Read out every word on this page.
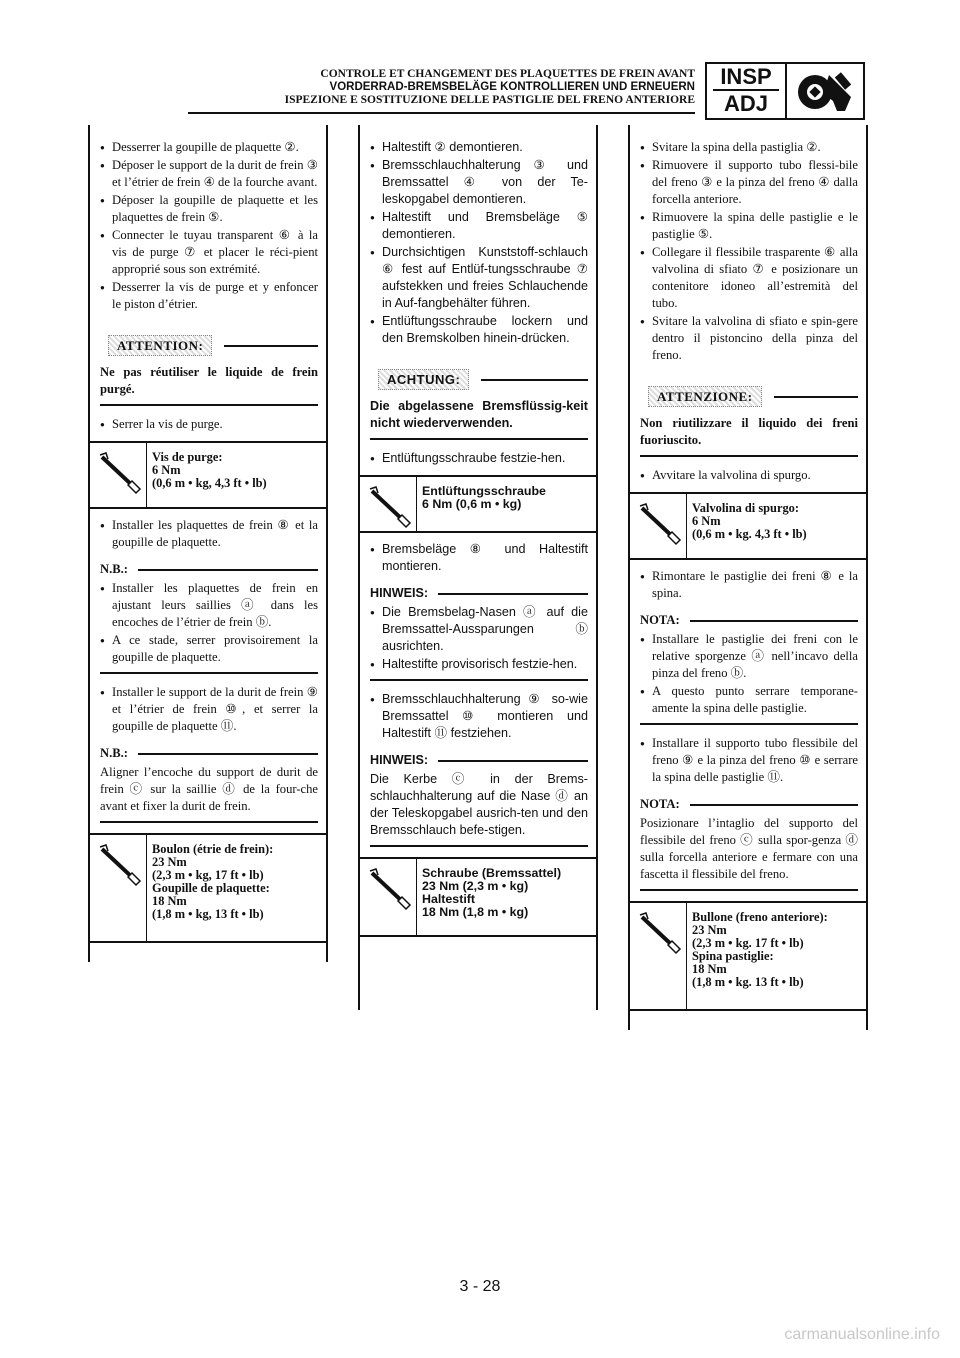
CONTROLE ET CHANGEMENT DES PLAQUETTES DE FREIN AVANT
VORDERRAD-BREMSBELÄGE KONTROLLIEREN UND ERNEUERN
ISPEZIONE E SOSTITUZIONE DELLE PASTIGLIE DEL FRENO ANTERIORE
INSP
ADJ
● Desserrer la goupille de plaquette ②.
● Déposer le support de la durit de frein ③ et l’étrier de frein ④ de la fourche avant.
● Déposer la goupille de plaquette et les plaquettes de frein ⑤.
● Connecter le tuyau transparent ⑥ à la vis de purge ⑦ et placer le réci-pient approprié sous son extrémité.
● Desserrer la vis de purge et y enfoncer le piston d’étrier.
ATTENTION:
Ne pas réutiliser le liquide de frein purgé.
● Serrer la vis de purge.
Vis de purge:
6 Nm
(0,6 m • kg, 4,3 ft • lb)
● Installer les plaquettes de frein ⑧ et la goupille de plaquette.
N.B.:
● Installer les plaquettes de frein en ajustant leurs saillies ⓐ dans les encoches de l’étrier de frein ⓑ.
● A ce stade, serrer provisoirement la goupille de plaquette.
● Installer le support de la durit de frein ⑨ et l’étrier de frein ⑩, et serrer la goupille de plaquette ⑪.
N.B.:
Aligner l’encoche du support de durit de frein ⓒ sur la saillie ⓓ de la four-che avant et fixer la durit de frein.
Boulon (étrie de frein):
23 Nm
(2,3 m • kg, 17 ft • lb)
Goupille de plaquette:
18 Nm
(1,8 m • kg, 13 ft • lb)
● Haltestift ② demontieren.
● Bremsschlauchhalterung ③ und Bremssattel ④ von der Te-leskopgabel demontieren.
● Haltestift und Bremsbeläge ⑤ demontieren.
● Durchsichtigen Kunststoff-schlauch ⑥ fest auf Entlüf-tungsschraube ⑦ aufstekken und freies Schlauchende in Auf-fangbehälter führen.
● Entlüftungsschraube lockern und den Bremskolben hinein-drücken.
ACHTUNG:
Die abgelassene Bremsflüssig-keit nicht wiederverwenden.
● Entlüftungsschraube festzie-hen.
Entlüftungsschraube
6 Nm (0,6 m • kg)
● Bremsbeläge ⑧ und Haltestift montieren.
HINWEIS:
● Die Bremsbelag-Nasen ⓐ auf die Bremssattel-Aussparungen ⓑ ausrichten.
● Haltestifte provisorisch festzie-hen.
● Bremsschlauchhalterung ⑨ so-wie Bremssattel ⑩ montieren und Haltestift ⑪ festziehen.
HINWEIS:
Die Kerbe ⓒ in der Brems-schlauchhalterung auf die Nase ⓓ an der Teleskopgabel ausrich-ten und den Bremsschlauch befe-stigen.
Schraube (Bremssattel)
23 Nm (2,3 m • kg)
Haltestift
18 Nm (1,8 m • kg)
● Svitare la spina della pastiglia ②.
● Rimuovere il supporto tubo flessi-bile del freno ③ e la pinza del freno ④ dalla forcella anteriore.
● Rimuovere la spina delle pastiglie e le pastiglie ⑤.
● Collegare il flessibile trasparente ⑥ alla valvolina di sfiato ⑦ e posizionare un contenitore idoneo all’estremità del tubo.
● Svitare la valvolina di sfiato e spin-gere dentro il pistoncino della pinza del freno.
ATTENZIONE:
Non riutilizzare il liquido dei freni fuoriuscito.
● Avvitare la valvolina di spurgo.
Valvolina di spurgo:
6 Nm
(0,6 m • kg. 4,3 ft • lb)
● Rimontare le pastiglie dei freni ⑧ e la spina.
NOTA:
● Installare le pastiglie dei freni con le relative sporgenze ⓐ nell’incavo della pinza del freno ⓑ.
● A questo punto serrare temporane-amente la spina delle pastiglie.
● Installare il supporto tubo flessibile del freno ⑨ e la pinza del freno ⑩ e serrare la spina delle pastiglie ⑪.
NOTA:
Posizionare l’intaglio del supporto del flessibile del freno ⓒ sulla spor-genza ⓓ sulla forcella anteriore e fermare con una fascetta il flessibile del freno.
Bullone (freno anteriore):
23 Nm
(2,3 m • kg. 17 ft • lb)
Spina pastiglie:
18 Nm
(1,8 m • kg. 13 ft • lb)
3 - 28
carmanualsonline.info
